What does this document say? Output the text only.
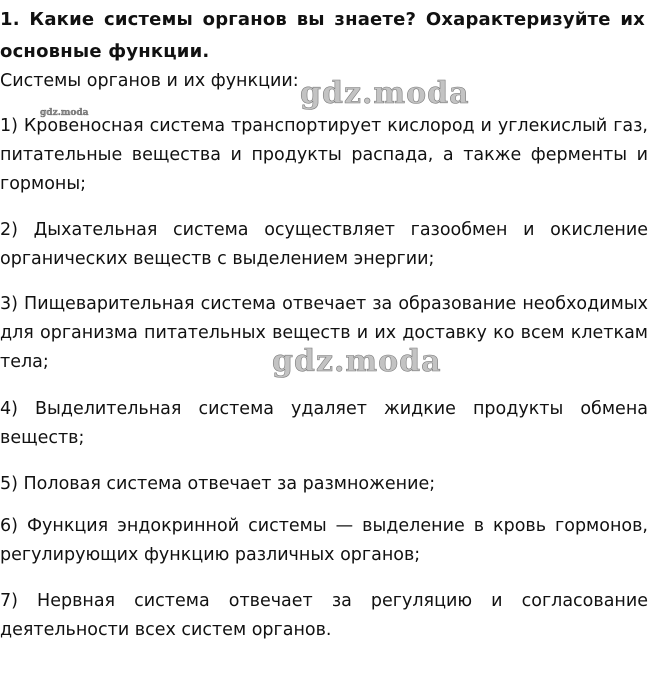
1. Какие системы органов вы знаете? Охарактеризуйте их основные функции.

Системы органов и их функции:

1) Кровеносная система транспортирует кислород и углекислый газ, питательные вещества и продукты распада, а также ферменты и гормоны;

2) Дыхательная система осуществляет газообмен и окисление органических веществ с выделением энергии;

3) Пищеварительная система отвечает за образование необходимых для организма питательных веществ и их доставку ко всем клеткам тела;

4) Выделительная система удаляет жидкие продукты обмена веществ;

5) Половая система отвечает за размножение;

6) Функция эндокринной системы — выделение в кровь гормонов, регулирующих функцию различных органов;

7) Нервная система отвечает за регуляцию и согласование деятельности всех систем органов.

gdz.moda
gdz.moda
gdz.moda
